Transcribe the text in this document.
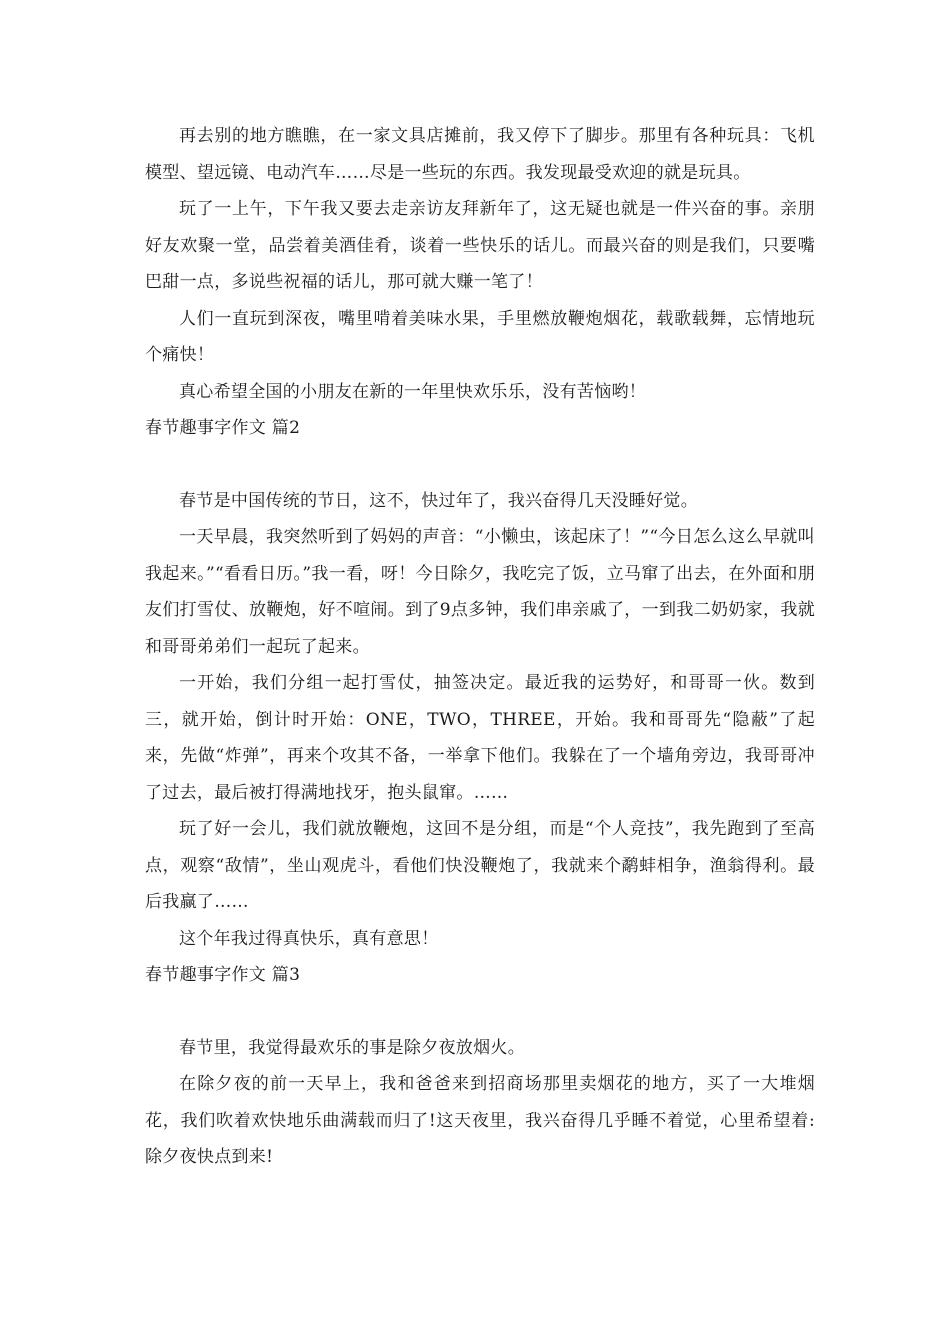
再去别的地方瞧瞧，在一家文具店摊前，我又停下了脚步。那里有各种玩具：飞机模型、望远镜、电动汽车……尽是一些玩的东西。我发现最受欢迎的就是玩具。

玩了一上午，下午我又要去走亲访友拜新年了，这无疑也就是一件兴奋的事。亲朋好友欢聚一堂，品尝着美酒佳肴，谈着一些快乐的话儿。而最兴奋的则是我们，只要嘴巴甜一点，多说些祝福的话儿，那可就大赚一笔了！

人们一直玩到深夜，嘴里啃着美味水果，手里燃放鞭炮烟花，载歌载舞，忘情地玩个痛快！

真心希望全国的小朋友在新的一年里快欢乐乐，没有苦恼哟！

春节趣事字作文 篇2

春节是中国传统的节日，这不，快过年了，我兴奋得几天没睡好觉。

一天早晨，我突然听到了妈妈的声音：“小懒虫，该起床了！”“今日怎么这么早就叫我起来。”“看看日历。”我一看，呀！今日除夕，我吃完了饭，立马窜了出去，在外面和朋友们打雪仗、放鞭炮，好不喧闹。到了9点多钟，我们串亲戚了，一到我二奶奶家，我就和哥哥弟弟们一起玩了起来。

一开始，我们分组一起打雪仗，抽签决定。最近我的运势好，和哥哥一伙。数到三，就开始，倒计时开始：ONE，TWO，THREE，开始。我和哥哥先“隐蔽”了起来，先做“炸弹”，再来个攻其不备，一举拿下他们。我躲在了一个墙角旁边，我哥哥冲了过去，最后被打得满地找牙，抱头鼠窜。……

玩了好一会儿，我们就放鞭炮，这回不是分组，而是“个人竞技”，我先跑到了至高点，观察“敌情”，坐山观虎斗，看他们快没鞭炮了，我就来个鹬蚌相争，渔翁得利。最后我赢了……

这个年我过得真快乐，真有意思！

春节趣事字作文 篇3

春节里，我觉得最欢乐的事是除夕夜放烟火。

在除夕夜的前一天早上，我和爸爸来到招商场那里卖烟花的地方，买了一大堆烟花，我们吹着欢快地乐曲满载而归了!这天夜里，我兴奋得几乎睡不着觉，心里希望着:除夕夜快点到来!
